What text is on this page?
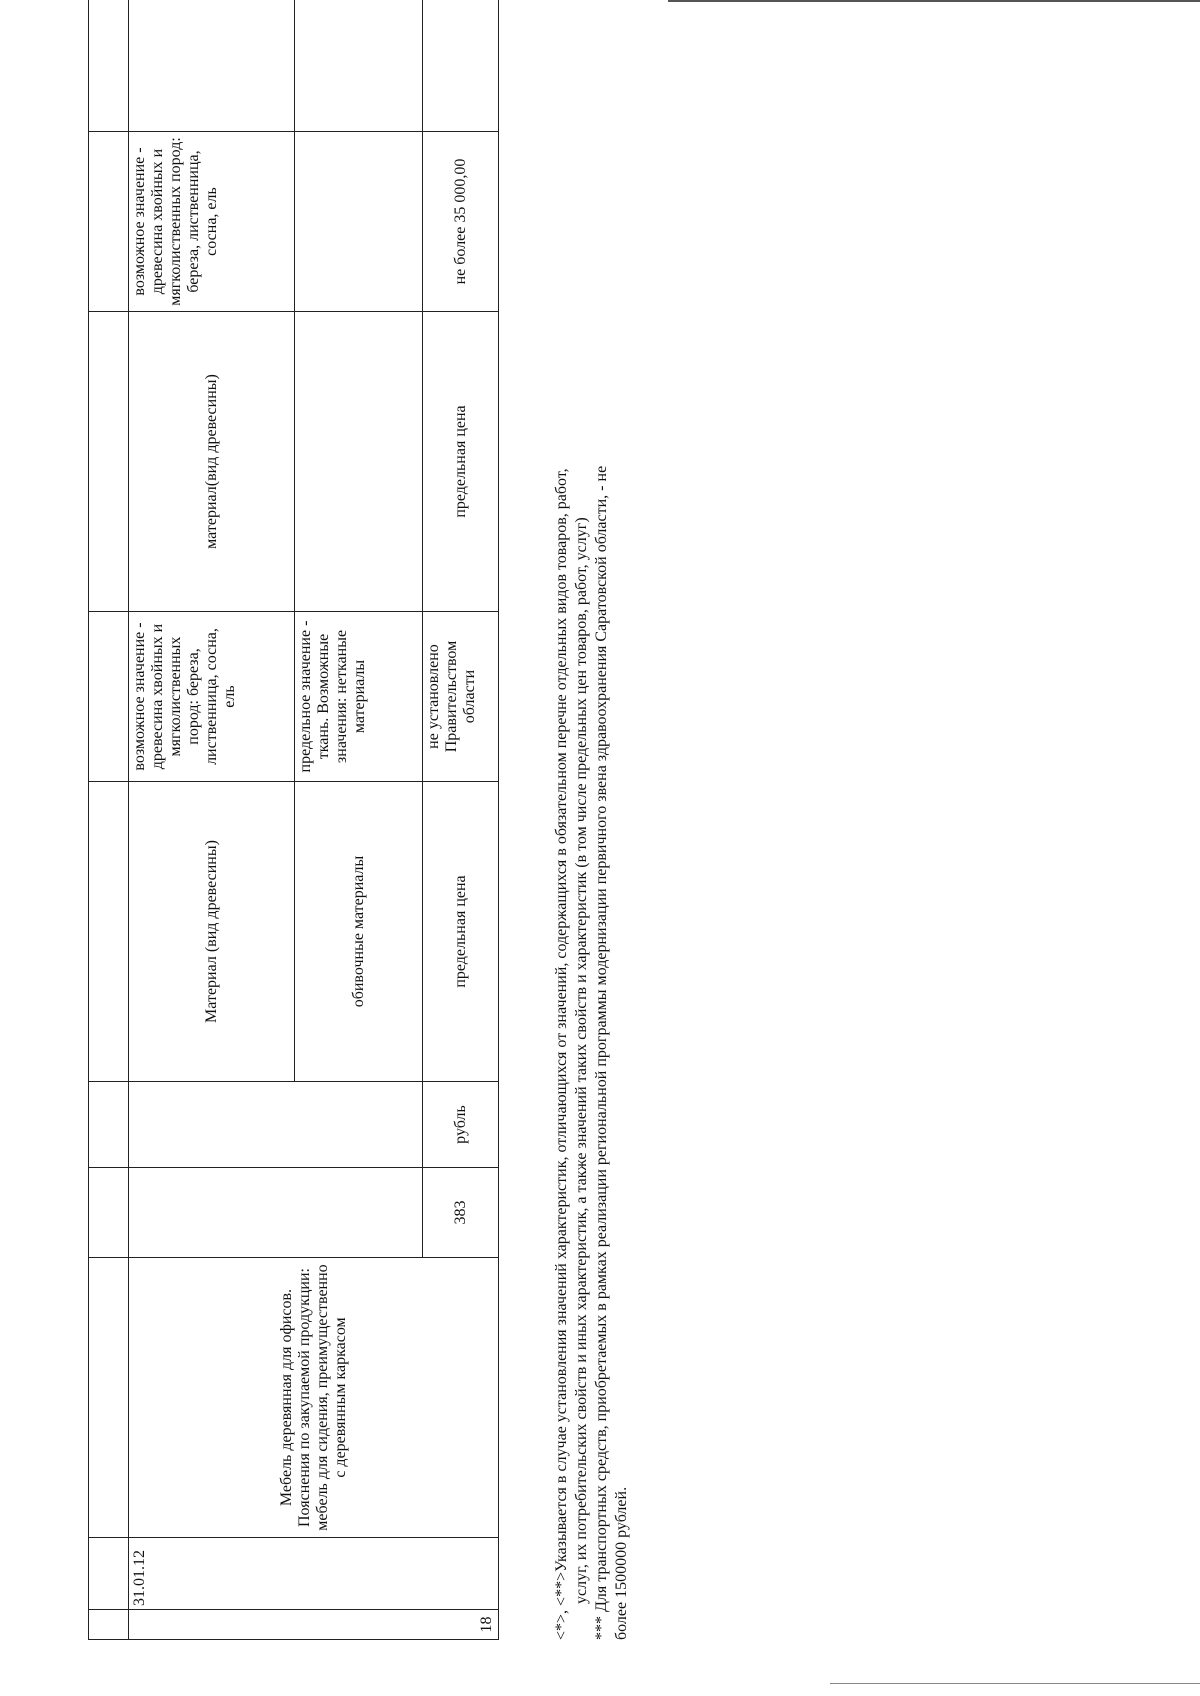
18	31.01.12	Мебель деревянная для офисов. Пояснения по закупаемой продукции: мебель для сидения, преимущественно с деревянным каркасом			Материал (вид древесины)	возможное значение - древесина хвойных и мягколиственных пород: береза, лиственница, сосна, ель	материал(вид древесины)	возможное значение - древесина хвойных и мягколиственных пород: береза, лиственница, сосна, ель	
					обивочные материалы	предельное значение - ткань. Возможные значения: нетканые материалы			
			383	рубль	предельная цена	не установлено Правительством области	предельная цена	не более 35 000,00	

<*>, <**>Указывается в случае установления значений характеристик, отличающихся от значений, содержащихся в обязательном перечне отдельных видов товаров, работ, услуг, их потребительских свойств и иных характеристик, а также значений таких свойств и характеристик (в том числе предельных цен товаров, работ, услуг) *** Для транспортных средств, приобретаемых в рамках реализации региональной программы модернизации первичного звена здравоохранения Саратовской области, - не более 1500000 рублей.
